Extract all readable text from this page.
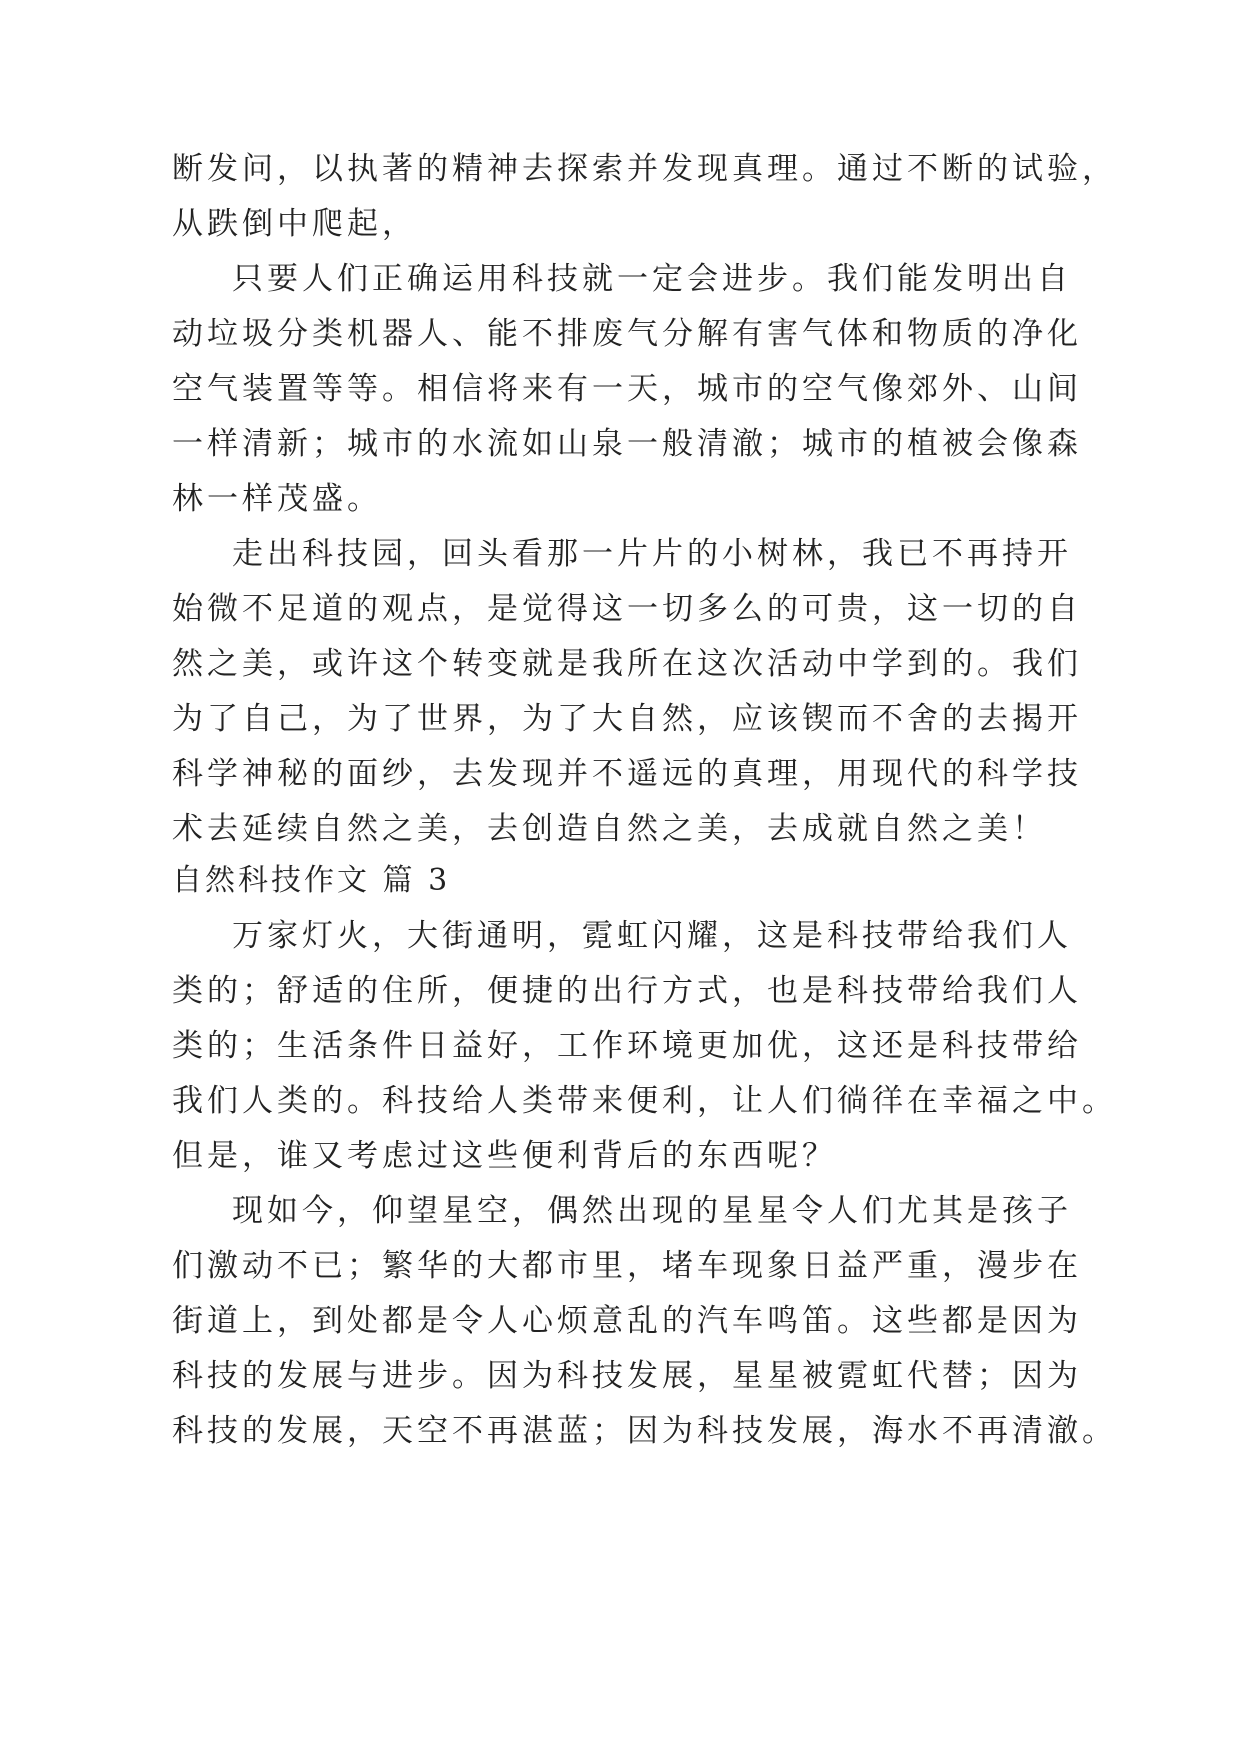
断发问，以执著的精神去探索并发现真理。通过不断的试验，

从跌倒中爬起，

只要人们正确运用科技就一定会进步。我们能发明出自

动垃圾分类机器人、能不排废气分解有害气体和物质的净化

空气装置等等。相信将来有一天，城市的空气像郊外、山间

一样清新；城市的水流如山泉一般清澈；城市的植被会像森

林一样茂盛。

走出科技园，回头看那一片片的小树林，我已不再持开

始微不足道的观点，是觉得这一切多么的可贵，这一切的自

然之美，或许这个转变就是我所在这次活动中学到的。我们

为了自己，为了世界，为了大自然，应该锲而不舍的去揭开

科学神秘的面纱，去发现并不遥远的真理，用现代的科学技

术去延续自然之美，去创造自然之美，去成就自然之美！

自然科技作文 篇 3

万家灯火，大街通明，霓虹闪耀，这是科技带给我们人

类的；舒适的住所，便捷的出行方式，也是科技带给我们人

类的；生活条件日益好，工作环境更加优，这还是科技带给

我们人类的。科技给人类带来便利，让人们徜徉在幸福之中。

但是，谁又考虑过这些便利背后的东西呢？

现如今，仰望星空，偶然出现的星星令人们尤其是孩子

们激动不已；繁华的大都市里，堵车现象日益严重，漫步在

街道上，到处都是令人心烦意乱的汽车鸣笛。这些都是因为

科技的发展与进步。因为科技发展，星星被霓虹代替；因为

科技的发展，天空不再湛蓝；因为科技发展，海水不再清澈。
